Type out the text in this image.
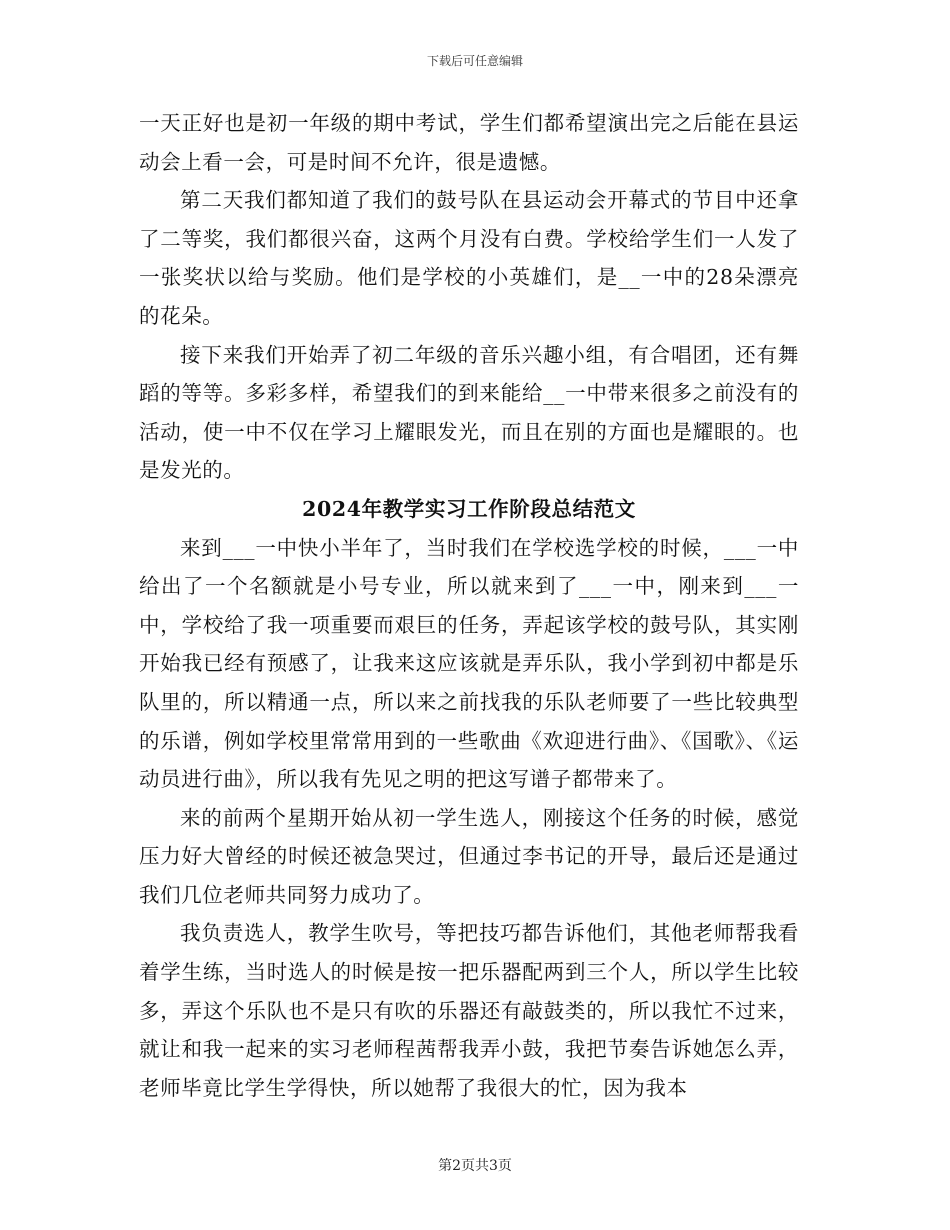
下载后可任意编辑

一天正好也是初一年级的期中考试，学生们都希望演出完之后能在县运动会上看一会，可是时间不允许，很是遗憾。

第二天我们都知道了我们的鼓号队在县运动会开幕式的节目中还拿了二等奖，我们都很兴奋，这两个月没有白费。学校给学生们一人发了一张奖状以给与奖励。他们是学校的小英雄们，是__一中的28朵漂亮的花朵。

接下来我们开始弄了初二年级的音乐兴趣小组，有合唱团，还有舞蹈的等等。多彩多样，希望我们的到来能给__一中带来很多之前没有的活动，使一中不仅在学习上耀眼发光，而且在别的方面也是耀眼的。也是发光的。

2024年教学实习工作阶段总结范文

来到___一中快小半年了，当时我们在学校选学校的时候，___一中给出了一个名额就是小号专业，所以就来到了___一中，刚来到___一中，学校给了我一项重要而艰巨的任务，弄起该学校的鼓号队，其实刚开始我已经有预感了，让我来这应该就是弄乐队，我小学到初中都是乐队里的，所以精通一点，所以来之前找我的乐队老师要了一些比较典型的乐谱，例如学校里常常用到的一些歌曲《欢迎进行曲》、《国歌》、《运动员进行曲》，所以我有先见之明的把这写谱子都带来了。

来的前两个星期开始从初一学生选人，刚接这个任务的时候，感觉压力好大曾经的时候还被急哭过，但通过李书记的开导，最后还是通过我们几位老师共同努力成功了。

我负责选人，教学生吹号，等把技巧都告诉他们，其他老师帮我看着学生练，当时选人的时候是按一把乐器配两到三个人，所以学生比较多，弄这个乐队也不是只有吹的乐器还有敲鼓类的，所以我忙不过来，就让和我一起来的实习老师程茜帮我弄小鼓，我把节奏告诉她怎么弄，老师毕竟比学生学得快，所以她帮了我很大的忙，因为我本

第2页共3页
